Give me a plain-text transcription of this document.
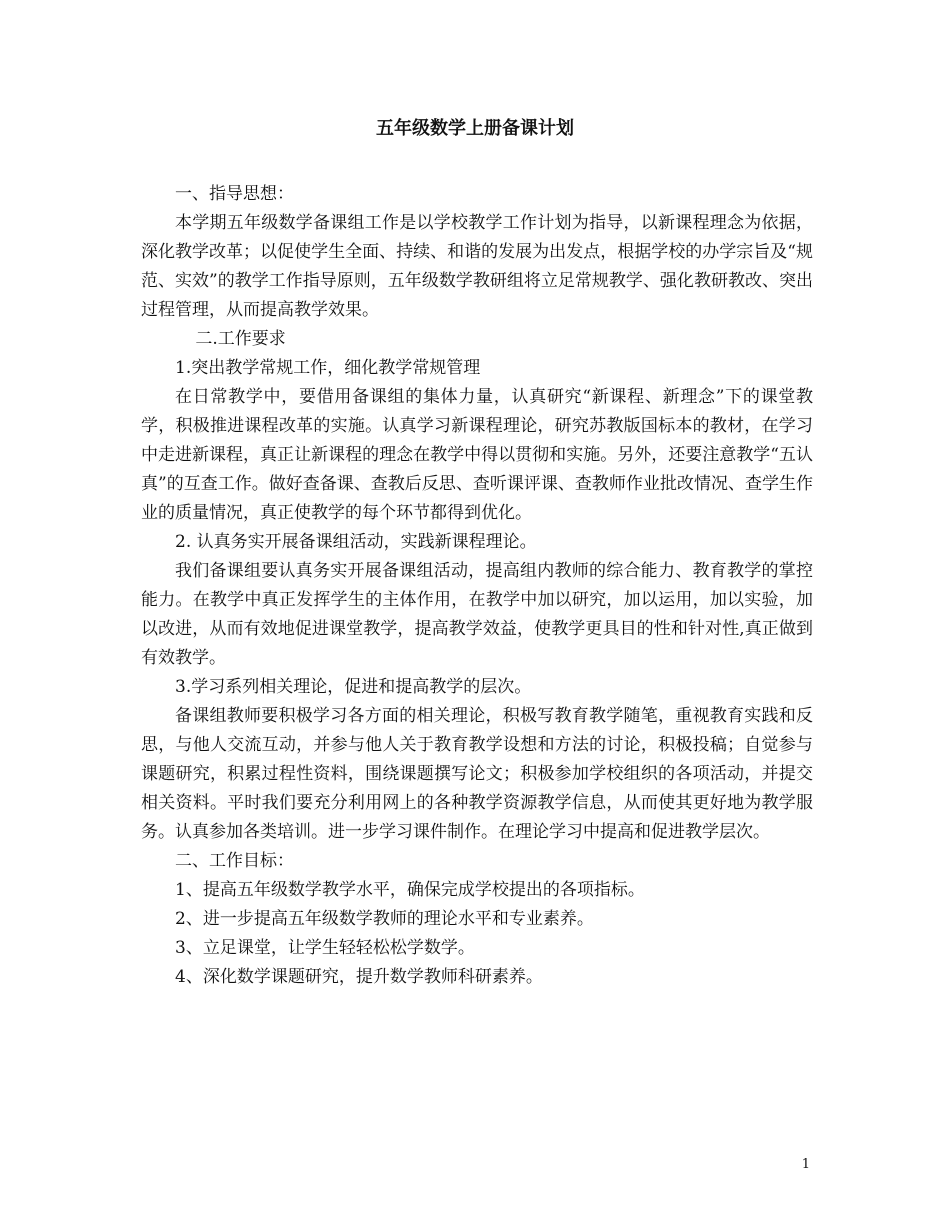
五年级数学上册备课计划

一、指导思想：

本学期五年级数学备课组工作是以学校教学工作计划为指导，以新课程理念为依据，深化教学改革；以促使学生全面、持续、和谐的发展为出发点，根据学校的办学宗旨及“规范、实效”的教学工作指导原则，五年级数学教研组将立足常规教学、强化教研教改、突出过程管理，从而提高教学效果。

二.工作要求

1.突出教学常规工作，细化教学常规管理

在日常教学中，要借用备课组的集体力量，认真研究“新课程、新理念”下的课堂教学，积极推进课程改革的实施。认真学习新课程理论，研究苏教版国标本的教材，在学习中走进新课程，真正让新课程的理念在教学中得以贯彻和实施。另外，还要注意教学“五认真”的互查工作。做好查备课、查教后反思、查听课评课、查教师作业批改情况、查学生作业的质量情况，真正使教学的每个环节都得到优化。

2. 认真务实开展备课组活动，实践新课程理论。

我们备课组要认真务实开展备课组活动，提高组内教师的综合能力、教育教学的掌控能力。在教学中真正发挥学生的主体作用，在教学中加以研究，加以运用，加以实验，加以改进，从而有效地促进课堂教学，提高教学效益，使教学更具目的性和针对性,真正做到有效教学。

3.学习系列相关理论，促进和提高教学的层次。

备课组教师要积极学习各方面的相关理论，积极写教育教学随笔，重视教育实践和反思，与他人交流互动，并参与他人关于教育教学设想和方法的讨论，积极投稿；自觉参与课题研究，积累过程性资料，围绕课题撰写论文；积极参加学校组织的各项活动，并提交相关资料。平时我们要充分利用网上的各种教学资源教学信息，从而使其更好地为教学服务。认真参加各类培训。进一步学习课件制作。在理论学习中提高和促进教学层次。

二、工作目标：

1、提高五年级数学教学水平，确保完成学校提出的各项指标。

2、进一步提高五年级数学教师的理论水平和专业素养。

3、立足课堂，让学生轻轻松松学数学。

4、深化数学课题研究，提升数学教师科研素养。

1
